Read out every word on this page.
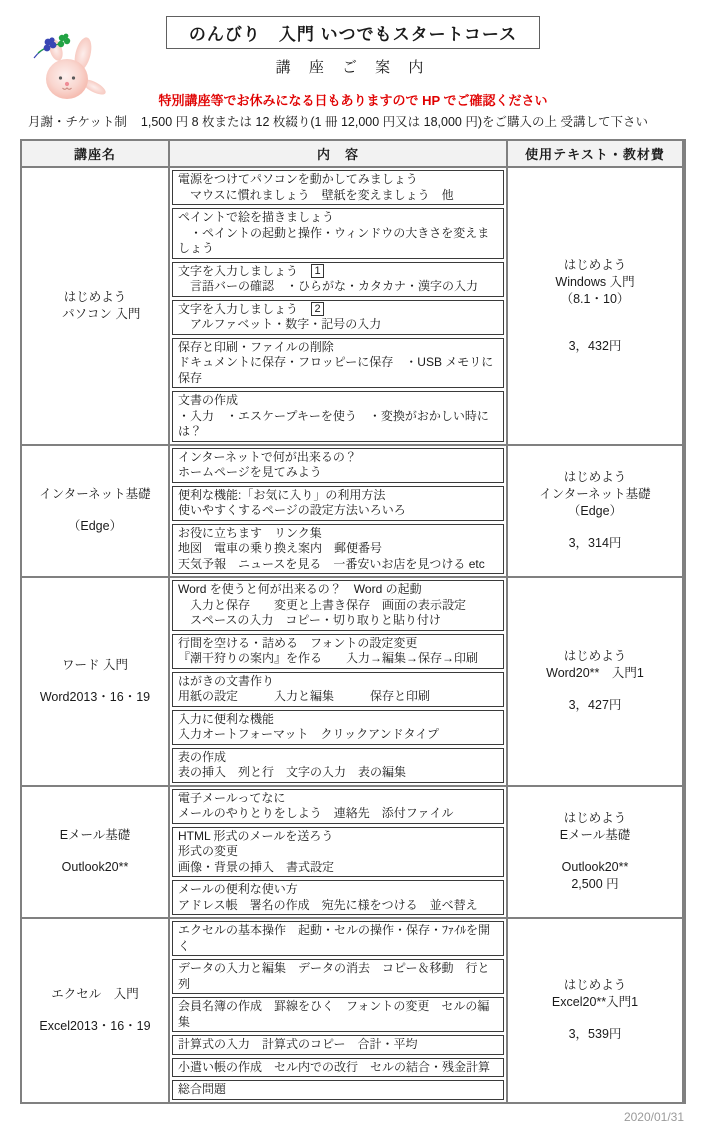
のんびり　入門 いつでもスタートコース
講 座 ご 案 内
特別講座等でお休みになる日もありますので HP でご確認ください
月謝・チケット制 1,500 円 8 枚または 12 枚綴り(1 冊 12,000 円又は 18,000 円)をご購入の上 受講して下さい
講座名	内　容	使用テキスト・教材費
はじめよう
　パソコン 入門
電源をつけてパソコンを動かしてみましょう
　マウスに慣れましょう　壁紙を変えましょう　他
ペイントで絵を描きましょう
　・ペイントの起動と操作・ウィンドウの大きさを変えましょう
文字を入力しましょう　1
　言語バーの確認　・ひらがな・カタカナ・漢字の入力
文字を入力しましょう　2
　アルファベット・数字・記号の入力
保存と印刷・ファイルの削除
ドキュメントに保存・フロッピーに保存　・USB メモリに保存
文書の作成
・入力　・エスケープキーを使う　・変換がおかしい時には？
はじめよう
Windows 入門
（8.1・10）
3，432円
インターネット基礎
（Edge）
インターネットで何が出来るの？
ホームページを見てみよう
便利な機能:「お気に入り」の利用方法
使いやすくするページの設定方法いろいろ
お役に立ちます　リンク集
地図　電車の乗り換え案内　郵便番号
天気予報　ニュースを見る　一番安いお店を見つける etc
はじめよう
インターネット基礎
（Edge）
3，314円
ワード 入門
Word2013・16・19
Word を使うと何が出来るの？　Word の起動
　入力と保存　　変更と上書き保存　画面の表示設定
　スペースの入力　コピー・切り取りと貼り付け
行間を空ける・詰める　フォントの設定変更
『潮干狩りの案内』を作る　　入力→編集→保存→印刷
はがきの文書作り
用紙の設定　　　入力と編集　　　保存と印刷
入力に便利な機能
入力オートフォーマット　クリックアンドタイプ
表の作成
表の挿入　列と行　文字の入力　表の編集
はじめよう
Word20**　入門1
3，427円
Eメール基礎
Outlook20**
電子メールってなに
メールのやりとりをしよう　連絡先　添付ファイル
HTML 形式のメールを送ろう
形式の変更
画像・背景の挿入　書式設定
メールの便利な使い方
アドレス帳　署名の作成　宛先に様をつける　並べ替え
はじめよう
Eメール基礎
Outlook20**
2,500 円
エクセル　入門
Excel2013・16・19
エクセルの基本操作　起動・セルの操作・保存・ﾌｧｲﾙを開く
データの入力と編集　データの消去　コピー＆移動　行と列
会員名簿の作成　罫線をひく　フォントの変更　セルの編集
計算式の入力　計算式のコピー　合計・平均
小遣い帳の作成　セル内での改行　セルの結合・残金計算
総合問題
はじめよう
Excel20**入門1
3，539円
2020/01/31
